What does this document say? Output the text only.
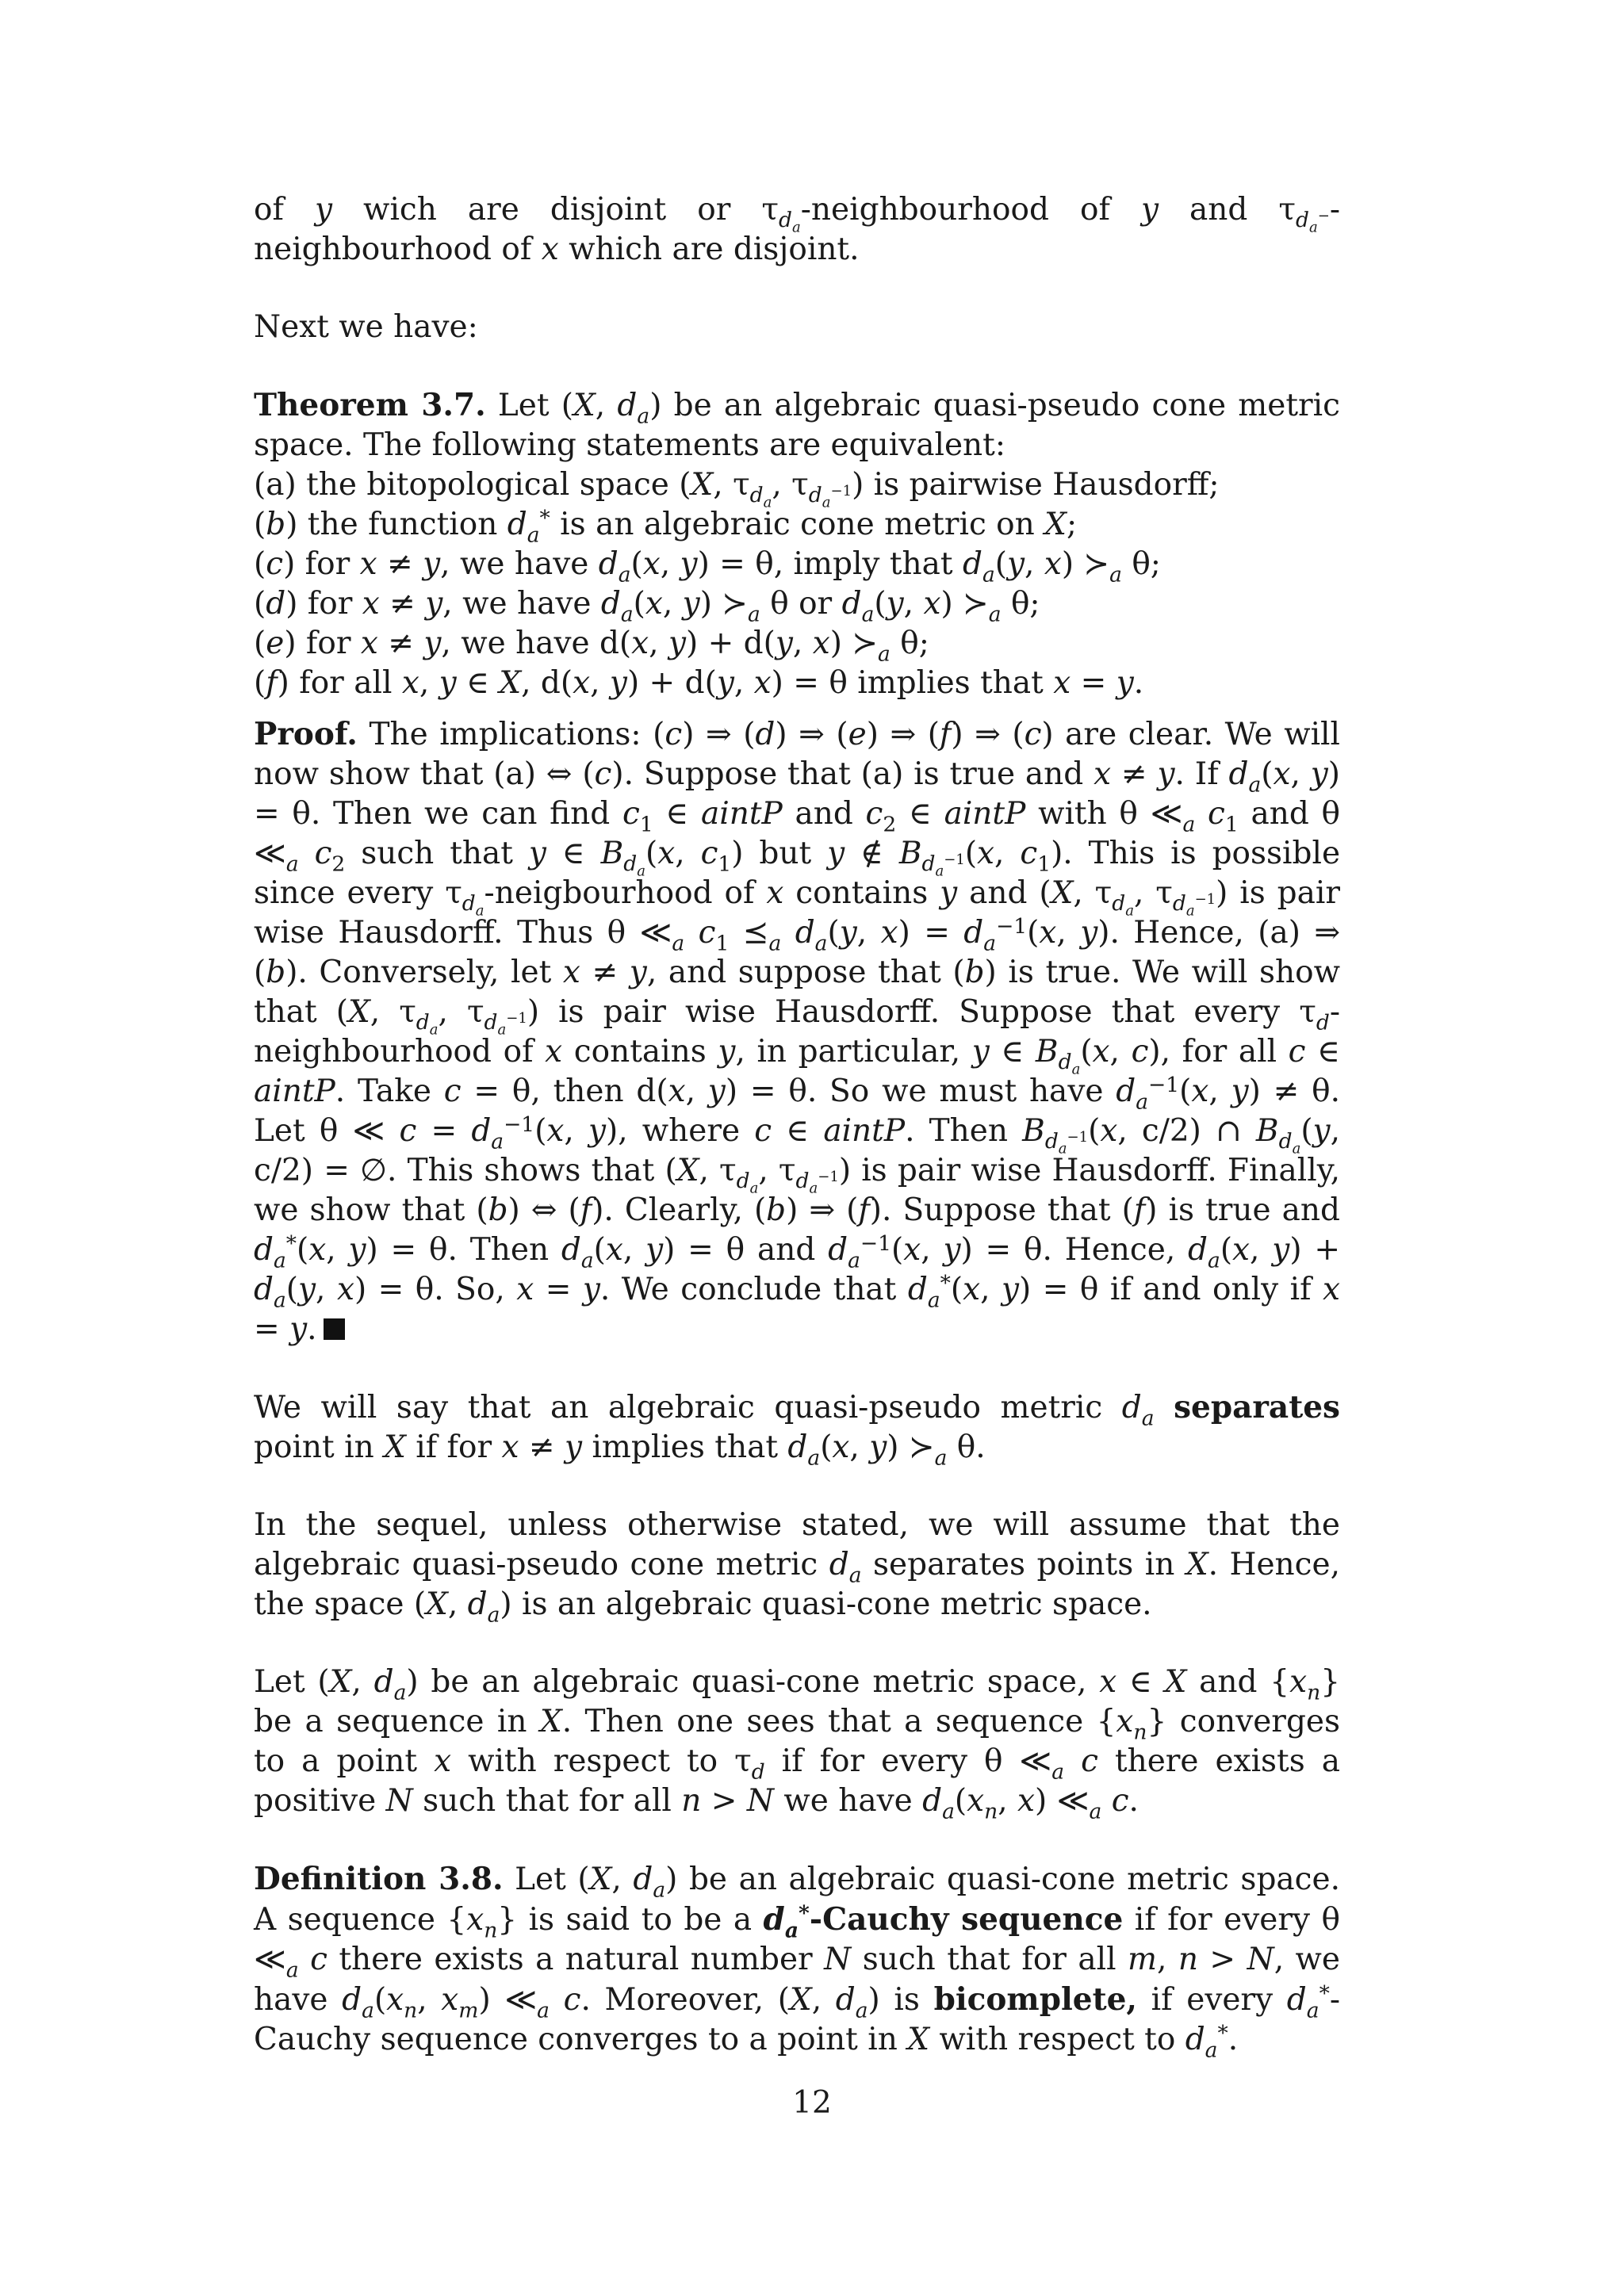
of y wich are disjoint or $\tau_{d_a}$-neighbourhood of y and $\tau_{d_a^-}$-neighbourhood of x which are disjoint.

Next we have:

Theorem 3.7. Let (X, $d_a$) be an algebraic quasi-pseudo cone metric space. The following statements are equivalent:

(a) the bitopological space (X, $\tau_{d_a}$, $\tau_{d_a^{-1}}$) is pairwise Hausdorff;

(b) the function $d_a^*$ is an algebraic cone metric on X;

(c) for x ≠ y, we have $d_a(x$, y) = θ, imply that $d_a(y$, x) $≻_a$ θ;

(d) for x ≠ y, we have $d_a(x$, y) $≻_a$ θ or $d_a(y$, x) $≻_a$ θ;

(e) for x ≠ y, we have d(x, y) + d(y, x) $≻_a$ θ;

(f) for all x, y ∈ X, d(x, y) + d(y, x) = θ implies that x = y.

Proof. The implications: (c) ⇒ (d) ⇒ (e) ⇒ (f) ⇒ (c) are clear. We will now show that (a) ⇔ (c). Suppose that (a) is true and x ≠ y. If $d_a(x$, y) = θ. Then we can find $c_1$ ∈ aintP and $c_2$ ∈ aintP with θ $≪_a$ $c_1$ and θ $≪_a$ $c_2$ such that y ∈ $B_{d_a}(x$, $c_1$) but y ∉ $B_{d_a^{-1}}(x$, $c_1$). This is possible since every $\tau_{d_a}$-neigbourhood of x contains y and (X, $\tau_{d_a}$, $\tau_{d_a^{-1}}$) is pair wise Hausdorff. Thus θ $≪_a$ $c_1$ $⪯_a$ $d_a(y$, $x) = d_a^{-1}(x$, y). Hence, (a) ⇒ (b). Conversely, let x ≠ y, and suppose that (b) is true. We will show that (X, $\tau_{d_a}$, $\tau_{d_a^{-1}}$) is pair wise Hausdorff. Suppose that every $\tau_d$-neighbourhood of x contains y, in particular, y ∈ $B_{d_a}(x$, c), for all c ∈ aintP. Take c = θ, then d(x, y) = θ. So we must have $d_a^{-1}(x$, y) ≠ θ. Let θ ≪ $c = d_a^{-1}(x$, y), where c ∈ aintP. Then $B_{d_a^{-1}}(x$, c/2) ∩ $B_{d_a}(y$, c/2) = ∅. This shows that (X, $\tau_{d_a}$, $\tau_{d_a^{-1}}$) is pair wise Hausdorff. Finally, we show that (b) ⇔ (f). Clearly, (b) ⇒ (f). Suppose that (f) is true and $d_a^*(x$, y) = θ. Then $d_a(x$, y) = θ and $d_a^{-1}(x$, y) = θ. Hence, $d_a(x$, $y) + d_a(y$, x) = θ. So, x = y. We conclude that $d_a^*(x$, y) = θ if and only if x = y.

We will say that an algebraic quasi-pseudo metric $d_a$ separates point in X if for x ≠ y implies that $d_a(x$, y) $≻_a$ θ.

In the sequel, unless otherwise stated, we will assume that the algebraic quasi-pseudo cone metric $d_a$ separates points in X. Hence, the space (X, $d_a$) is an algebraic quasi-cone metric space.

Let (X, $d_a$) be an algebraic quasi-cone metric space, x ∈ X and $\{x_n\}$ be a sequence in X. Then one sees that a sequence $\{x_n\}$ converges to a point x with respect to $\tau_d$ if for every θ $≪_a$ c there exists a positive N such that for all n > N we have $d_a(x_n$, x) $≪_a$ c.

Definition 3.8. Let (X, $d_a$) be an algebraic quasi-cone metric space. A sequence $\{x_n\}$ is said to be a $d_a^*$-Cauchy sequence if for every θ $≪_a$ c there exists a natural number N such that for all m, n > N, we have $d_a(x_n$, $x_m$) $≪_a$ c. Moreover, (X, $d_a$) is bicomplete, if every $d_a^*$-Cauchy sequence converges to a point in X with respect to $d_a^*$.

12
